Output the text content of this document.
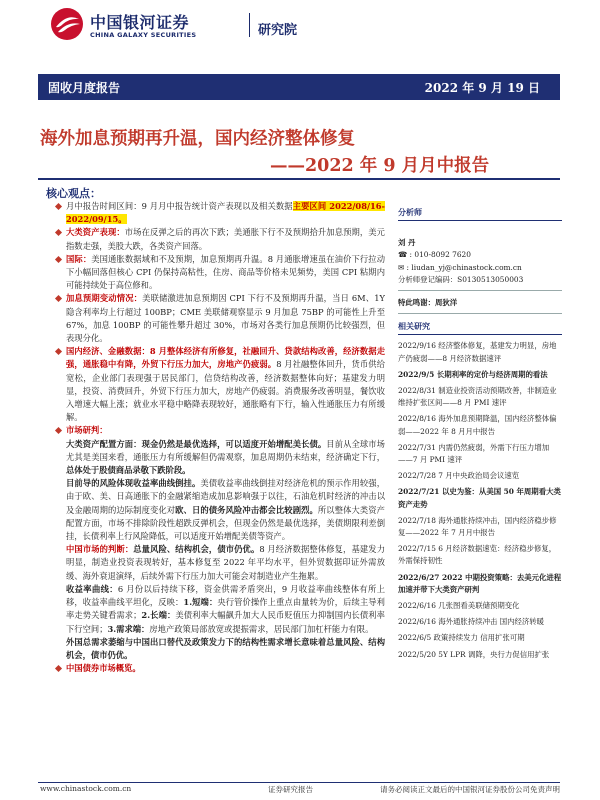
中国银河证券
CHINA GALAXY SECURITIES	研究院
固收月度报告	2022 年 9 月 19 日
海外加息预期再升温，国内经济整体修复
——2022 年 9 月月中报告
核心观点：
月中报告时间区间：9 月月中报告统计资产表现以及相关数据主要区间 2022/08/16-2022/09/15。
大类资产表现：市场在反弹之后的再次下跌；美通胀下行不及预期拾升加息预期，美元指数走强，美股大跌，各类资产回落。
国际：美国通胀数据域和不及预期，加息预期再升温。8 月通胀增速虽在油价下行拉动下小幅回落但核心 CPI 仍保持高粘性，住房、商品等价格未见频势，美国 CPI 粘期内可能持续处于高位修和。
加息预期变动情况：美联储激进加息预期因 CPI 下行不及预期再升温，当日 6M、1Y 隐含利率均上行超过 100BP；CME 美联储观察显示 9 月加息 75BP 的可能性上升至 67%，加息 100BP 的可能性攀升超过 30%，市场对各类行加息预期仍比较强烈，但表现分化。
国内经济、金融数据：8 月整体经济有所修复，社融回升、贷款结构改善，经济数据走强，通胀稳中有降，外贸下行压力加大，房地产仍疲弱。8 月社融整体回升，货币供给宽松，企业部门表现强于居民部门，信贷结构改善，经济数据整体向好；基建发力明显，投资、消费回升，外贸下行压力加大，房地产仍疲弱。消费服务改善明显，餐饮收入增速大幅上涨；就业水平稳中略降表现较好，通胀略有下行，输入性通胀压力有所缓解。
市场研判：
大类资产配置方面：现金仍然是最优选择，可以适度开始增配美长债。目前从全球市场尤其是美国来看，通胀压力有所缓解但仍需观察，加息周期仍未结束，经济确定下行，总体处于股债商品录敬下跌阶段。
目前导的风险体现收益率曲线倒挂。美债收益率曲线倒挂对经济危机的预示作用较强，由于欧、美、日高通胀下的金融紧缩造成加息影响强于以往，石油危机时经济的冲击以及金融周期的边际制度变化对欧、日的债务风险冲击都会比较剧烈。所以整体大类资产配置方面，市场不排除阶段性超跌反弹机会，但现金仍然是最优选择，美债期限利差倒挂，长债利率上行风险降低，可以适度开始增配美债等资产。
中国市场的判断：总量风险、结构机会，债市仍优。8 月经济数据整体修复，基建发力明显，制造业投资表现转好，基本修复至 2022 年平均水平，但外贸数据印证外需放缓、海外衰退演绎，后续外需下行压力加大可能会对制造业产生拖累。
收益率曲线：6 月份以后持续下移，资金供需矛盾突出，9 月收益率曲线整体有所上移，收益率曲线平坦化，反映：1.短端：央行管价操作上重点由量转为价，后续主导利率走势关键看需求；2.长端：美债利率大幅飙升加大人民币贬值压力抑制国内长债利率下行空间；3.需求端：房地产政策局部放宽或提振需求，居民部门加杠杆能力有限。
外国总需求萎缩与中国出口替代及政策发力下的结构性需求增长意味着总量风险、结构机会，债市仍优。
中国债券市场概览。
分析师
刘 丹
☎ : 010-8092 7620
✉ : liudan_yj@chinastock.com.cn
分析师登记编码：S0130513050003
特此鸣谢：周狄洋
相关研究
2022/9/16 经济整体修复，基建发力明显，房地产仍疲弱——8 月经济数据速评
2022/9/5 长期利率的定价与经济周期的看法
2022/8/31 制造业投资活动预期改善，非制造业维持扩张区间——8 月 PMI 速评
2022/8/16 海外加息预期降温，国内经济整体偏弱——2022 年 8 月月中报告
2022/7/31 内需仍然疲弱，外需下行压力增加——7 月 PMI 速评
2022/7/28 7 月中央政治局会议速览
2022/7/21 以史为鉴：从美国 50 年周期看大类资产走势
2022/7/18 海外通胀持续冲击，国内经济稳步修复——2022 年 7 月月中报告
2022/7/15 6 月经济数据速览：经济稳步修复，外需保持韧性
2022/6/27 2022 中期投资策略：去美元化进程加速并带下大类资产研判
2022/6/16 几张图看美联储预期变化
2022/6/16 海外通胀持续冲击 国内经济转暖
2022/6/5 政策持续发力 信用扩张可期
2022/5/20 5Y LPR 调降，央行力促信用扩张
www.chinastock.com.cn	证券研究报告	请务必阅读正文最后的中国银河证券股份公司免责声明
